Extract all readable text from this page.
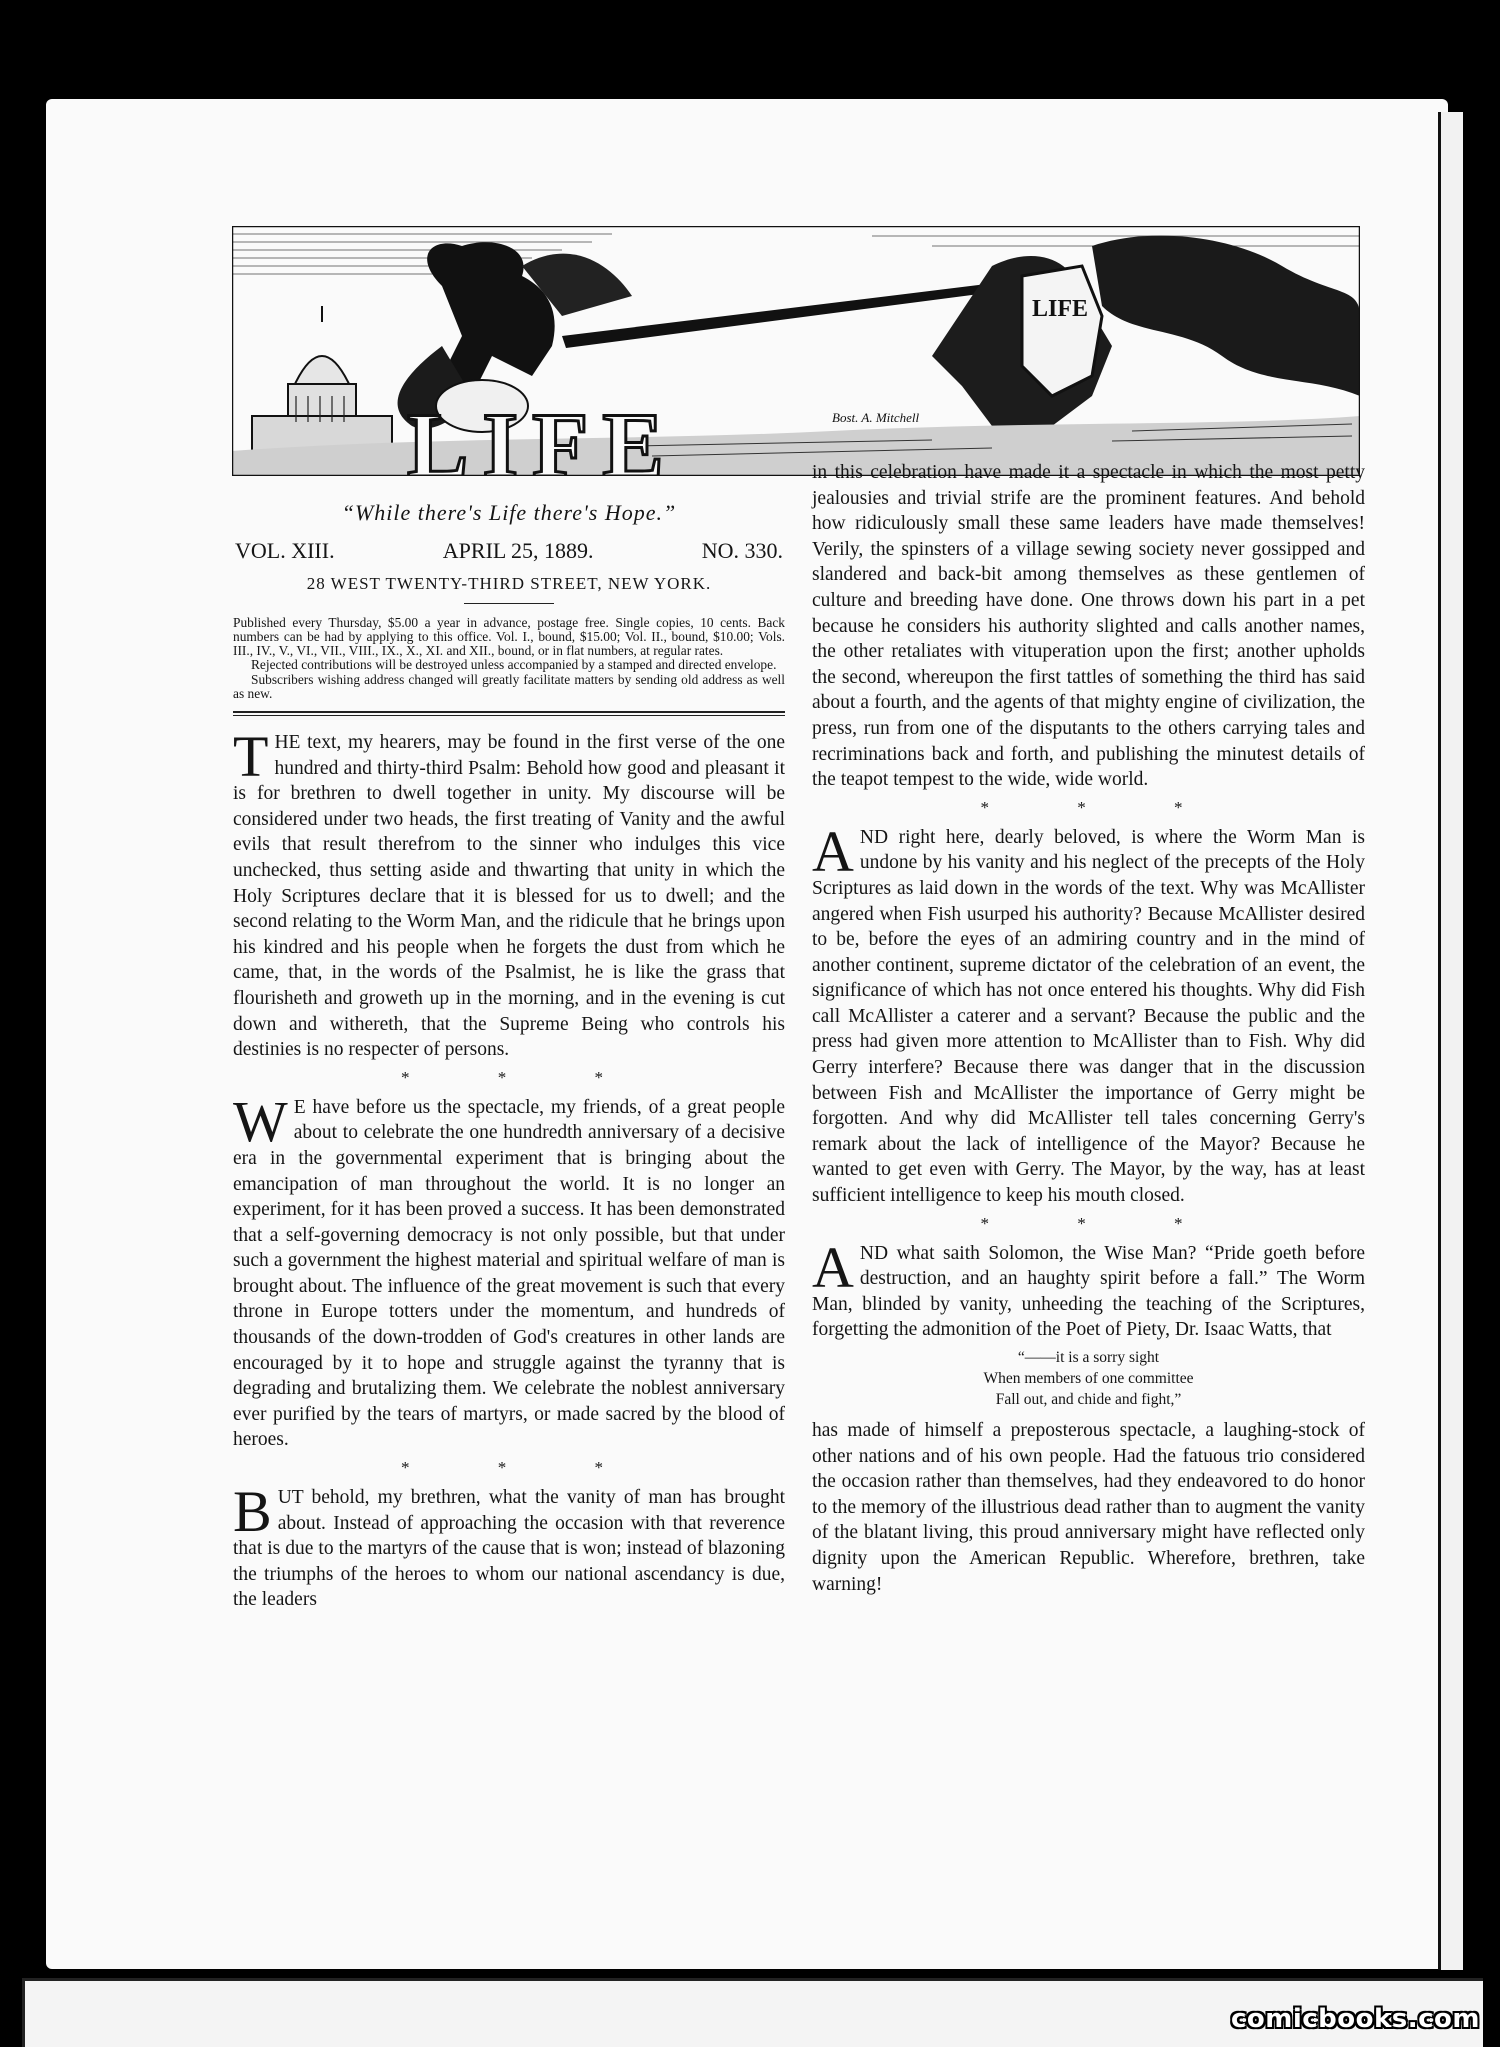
LIFE
LIFE	Bost. A. Mitchell
“While there's Life there's Hope.”
VOL. XIII.	APRIL 25, 1889.	NO. 330.
28 WEST TWENTY-THIRD STREET, NEW YORK.

Published every Thursday, $5.00 a year in advance, postage free. Single copies, 10 cents. Back numbers can be had by applying to this office. Vol. I., bound, $15.00; Vol. II., bound, $10.00; Vols. III., IV., V., VI., VII., VIII., IX., X., XI. and XII., bound, or in flat numbers, at regular rates.

Rejected contributions will be destroyed unless accompanied by a stamped and directed envelope.

Subscribers wishing address changed will greatly facilitate matters by sending old address as well as new.

THE text, my hearers, may be found in the first verse of the one hundred and thirty-third Psalm: Behold how good and pleasant it is for brethren to dwell together in unity. My discourse will be considered under two heads, the first treating of Vanity and the awful evils that result therefrom to the sinner who indulges this vice unchecked, thus setting aside and thwarting that unity in which the Holy Scriptures declare that it is blessed for us to dwell; and the second relating to the Worm Man, and the ridicule that he brings upon his kindred and his people when he forgets the dust from which he came, that, in the words of the Psalmist, he is like the grass that flourisheth and groweth up in the morning, and in the evening is cut down and withereth, that the Supreme Being who controls his destinies is no respecter of persons.

* * *

W E have before us the spectacle, my friends, of a great people about to celebrate the one hundredth anniversary of a decisive era in the governmental experiment that is bringing about the emancipation of man throughout the world. It is no longer an experiment, for it has been proved a success. It has been demonstrated that a self-governing democracy is not only possible, but that under such a government the highest material and spiritual welfare of man is brought about. The influence of the great movement is such that every throne in Europe totters under the momentum, and hundreds of thousands of the down-trodden of God's creatures in other lands are encouraged by it to hope and struggle against the tyranny that is degrading and brutalizing them. We celebrate the noblest anniversary ever purified by the tears of martyrs, or made sacred by the blood of heroes.

* * *

BUT behold, my brethren, what the vanity of man has brought about. Instead of approaching the occasion with that reverence that is due to the martyrs of the cause that is won; instead of blazoning the triumphs of the heroes to whom our national ascendancy is due, the leaders

in this celebration have made it a spectacle in which the most petty jealousies and trivial strife are the prominent features. And behold how ridiculously small these same leaders have made themselves! Verily, the spinsters of a village sewing society never gossipped and slandered and back-bit among themselves as these gentlemen of culture and breeding have done. One throws down his part in a pet because he considers his authority slighted and calls another names, the other retaliates with vituperation upon the first; another upholds the second, whereupon the first tattles of something the third has said about a fourth, and the agents of that mighty engine of civilization, the press, run from one of the disputants to the others carrying tales and recriminations back and forth, and publishing the minutest details of the teapot tempest to the wide, wide world.

* * *

AND right here, dearly beloved, is where the Worm Man is undone by his vanity and his neglect of the precepts of the Holy Scriptures as laid down in the words of the text. Why was McAllister angered when Fish usurped his authority? Because McAllister desired to be, before the eyes of an admiring country and in the mind of another continent, supreme dictator of the celebration of an event, the significance of which has not once entered his thoughts. Why did Fish call McAllister a caterer and a servant? Because the public and the press had given more attention to McAllister than to Fish. Why did Gerry interfere? Because there was danger that in the discussion between Fish and McAllister the importance of Gerry might be forgotten. And why did McAllister tell tales concerning Gerry's remark about the lack of intelligence of the Mayor? Because he wanted to get even with Gerry. The Mayor, by the way, has at least sufficient intelligence to keep his mouth closed.

* * *

AND what saith Solomon, the Wise Man? “Pride goeth before destruction, and an haughty spirit before a fall.” The Worm Man, blinded by vanity, unheeding the teaching of the Scriptures, forgetting the admonition of the Poet of Piety, Dr. Isaac Watts, that

“——it is a sorry sight
When members of one committee
Fall out, and chide and fight,”

has made of himself a preposterous spectacle, a laughing-stock of other nations and of his own people. Had the fatuous trio considered the occasion rather than themselves, had they endeavored to do honor to the memory of the illustrious dead rather than to augment the vanity of the blatant living, this proud anniversary might have reflected only dignity upon the American Republic. Wherefore, brethren, take warning!

comicbooks.com
